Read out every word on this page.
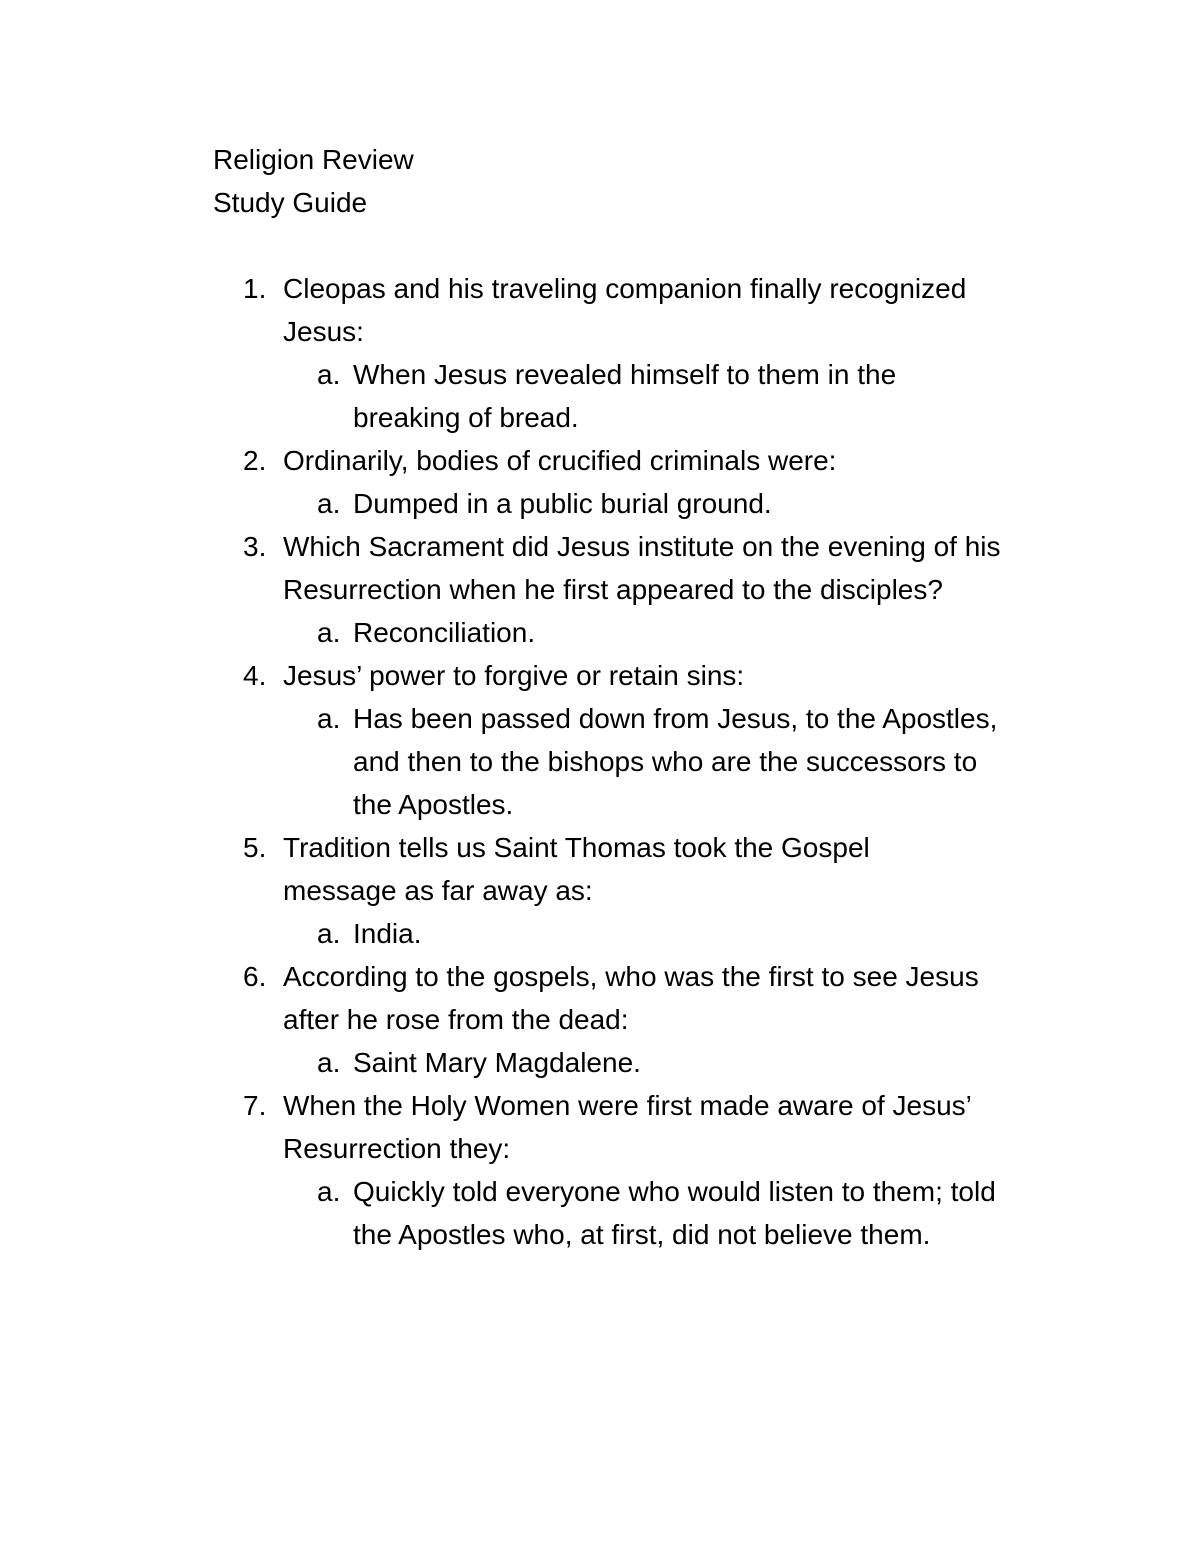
Religion Review
Study Guide
1. Cleopas and his traveling companion finally recognized Jesus:
a. When Jesus revealed himself to them in the breaking of bread.
2. Ordinarily, bodies of crucified criminals were:
a. Dumped in a public burial ground.
3. Which Sacrament did Jesus institute on the evening of his Resurrection when he first appeared to the disciples?
a. Reconciliation.
4. Jesus’ power to forgive or retain sins:
a. Has been passed down from Jesus, to the Apostles, and then to the bishops who are the successors to the Apostles.
5. Tradition tells us Saint Thomas took the Gospel message as far away as:
a. India.
6. According to the gospels, who was the first to see Jesus after he rose from the dead:
a. Saint Mary Magdalene.
7. When the Holy Women were first made aware of Jesus’ Resurrection they:
a. Quickly told everyone who would listen to them; told the Apostles who, at first, did not believe them.
